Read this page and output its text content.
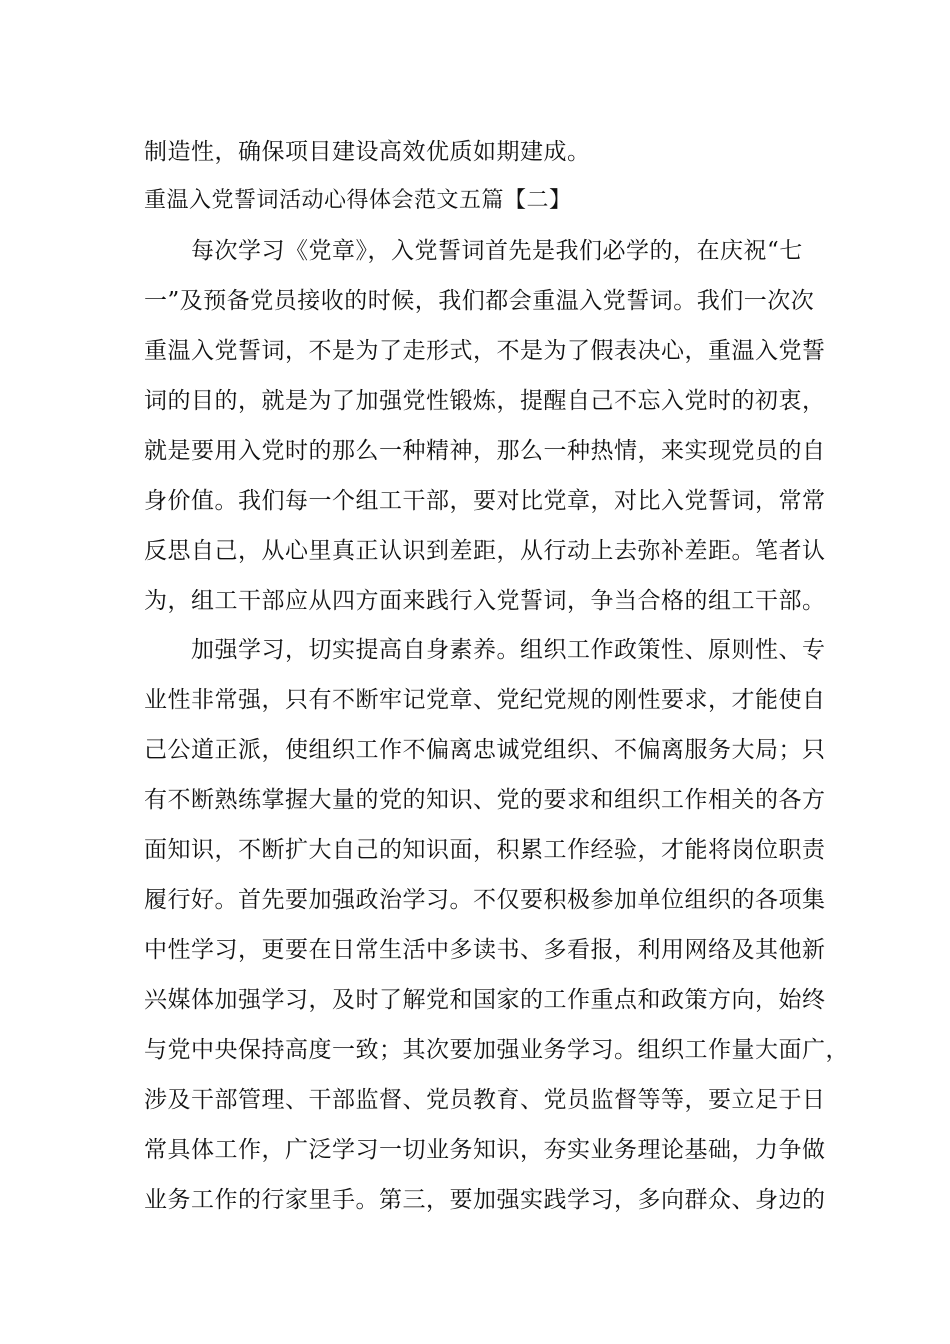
制造性，确保项目建设高效优质如期建成。
重温入党誓词活动心得体会范文五篇【二】
每次学习《党章》，入党誓词首先是我们必学的，在庆祝“七
一”及预备党员接收的时候，我们都会重温入党誓词。我们一次次
重温入党誓词，不是为了走形式，不是为了假表决心，重温入党誓
词的目的，就是为了加强党性锻炼，提醒自己不忘入党时的初衷，
就是要用入党时的那么一种精神，那么一种热情，来实现党员的自
身价值。我们每一个组工干部，要对比党章，对比入党誓词，常常
反思自己，从心里真正认识到差距，从行动上去弥补差距。笔者认
为，组工干部应从四方面来践行入党誓词，争当合格的组工干部。
加强学习，切实提高自身素养。组织工作政策性、原则性、专
业性非常强，只有不断牢记党章、党纪党规的刚性要求，才能使自
己公道正派，使组织工作不偏离忠诚党组织、不偏离服务大局；只
有不断熟练掌握大量的党的知识、党的要求和组织工作相关的各方
面知识，不断扩大自己的知识面，积累工作经验，才能将岗位职责
履行好。首先要加强政治学习。不仅要积极参加单位组织的各项集
中性学习，更要在日常生活中多读书、多看报，利用网络及其他新
兴媒体加强学习，及时了解党和国家的工作重点和政策方向，始终
与党中央保持高度一致；其次要加强业务学习。组织工作量大面广，
涉及干部管理、干部监督、党员教育、党员监督等等，要立足于日
常具体工作，广泛学习一切业务知识，夯实业务理论基础，力争做
业务工作的行家里手。第三，要加强实践学习，多向群众、身边的
